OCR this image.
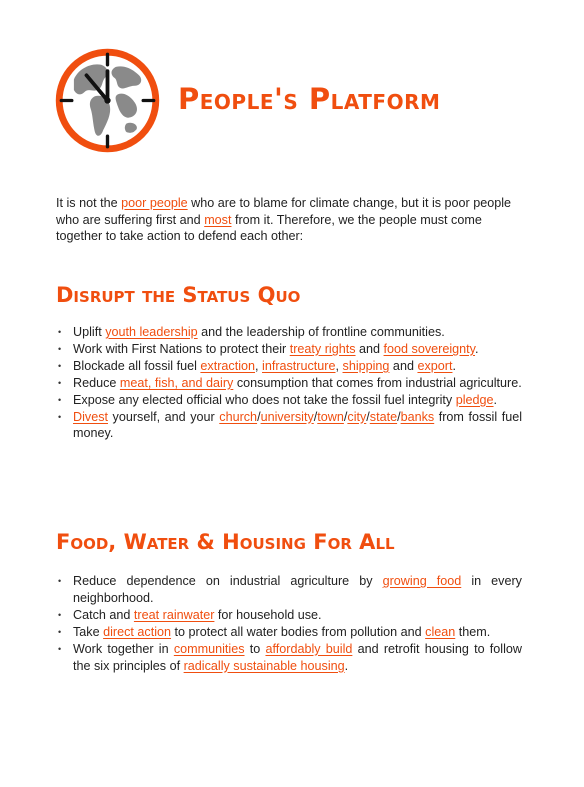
People's Platform

It is not the poor people who are to blame for climate change, but it is poor people who are suffering first and most from it. Therefore, we the people must come together to take action to defend each other:

Disrupt the Status Quo
• Uplift youth leadership and the leadership of frontline communities.
• Work with First Nations to protect their treaty rights and food sovereignty.
• Blockade all fossil fuel extraction, infrastructure, shipping and export.
• Reduce meat, fish, and dairy consumption that comes from industrial agriculture.
• Expose any elected official who does not take the fossil fuel integrity pledge.
• Divest yourself, and your church/university/town/city/state/banks from fossil fuel money.
Food, Water & Housing For All
• Reduce dependence on industrial agriculture by growing food in every neighborhood.
• Catch and treat rainwater for household use.
• Take direct action to protect all water bodies from pollution and clean them.
• Work together in communities to affordably build and retrofit housing to follow the six principles of radically sustainable housing.
